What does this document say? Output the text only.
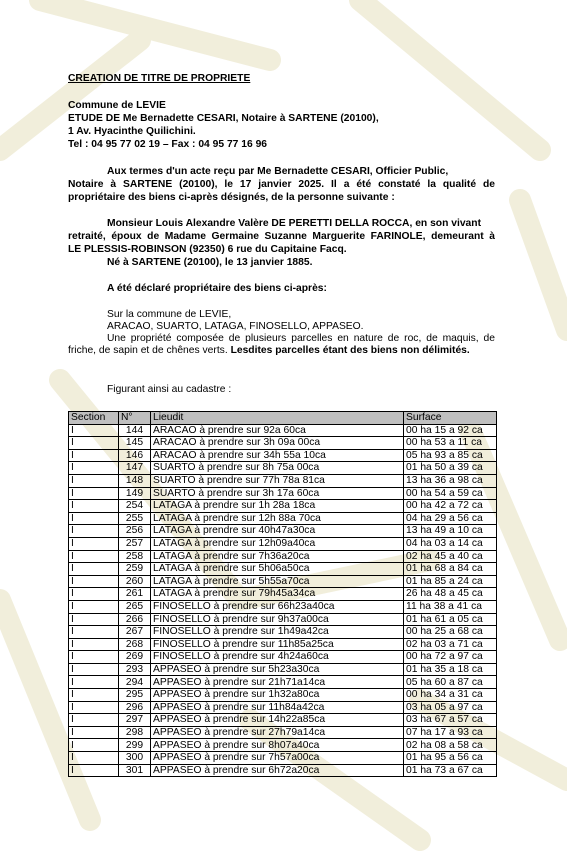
CREATION DE TITRE DE PROPRIETE
Commune de LEVIE
ETUDE DE Me Bernadette CESARI, Notaire à SARTENE (20100),
1 Av. Hyacinthe Quilichini.
Tel : 04 95 77 02 19 – Fax : 04 95 77 16 96
Aux termes d'un acte reçu par Me Bernadette CESARI, Officier Public,
Notaire à SARTENE (20100), le 17 janvier 2025. Il a été constaté la qualité de
propriétaire des biens ci-après désignés, de la personne suivante :
Monsieur Louis Alexandre Valère DE PERETTI DELLA ROCCA, en son vivant
retraité, époux de Madame Germaine Suzanne Marguerite FARINOLE, demeurant à
LE PLESSIS-ROBINSON (92350) 6 rue du Capitaine Facq.
Né à SARTENE (20100), le 13 janvier 1885.
A été déclaré propriétaire des biens ci-après:
Sur la commune de LEVIE,
ARACAO, SUARTO, LATAGA, FINOSELLO, APPASEO.
Une propriété composée de plusieurs parcelles en nature de roc, de maquis, de
friche, de sapin et de chênes verts. Lesdites parcelles étant des biens non délimités.
Figurant ainsi au cadastre :
Section	N°	Lieudit	Surface
I	144	ARACAO à prendre sur 92a 60ca	00 ha 15 a 92 ca
I	145	ARACAO à prendre sur 3h 09a 00ca	00 ha 53 a 11 ca
I	146	ARACAO à prendre sur 34h 55a 10ca	05 ha 93 a 85 ca
I	147	SUARTO à prendre sur 8h 75a 00ca	01 ha 50 a 39 ca
I	148	SUARTO à prendre sur 77h 78a 81ca	13 ha 36 a 98 ca
I	149	SUARTO à prendre sur 3h 17a 60ca	00 ha 54 a 59 ca
I	254	LATAGA à prendre sur 1h 28a 18ca	00 ha 42 a 72 ca
I	255	LATAGA à prendre sur 12h 88a 70ca	04 ha 29 a 56 ca
I	256	LATAGA à prendre sur 40h47a30ca	13 ha 49 a 10 ca
I	257	LATAGA à prendre sur 12h09a40ca	04 ha 03 a 14 ca
I	258	LATAGA à prendre sur 7h36a20ca	02 ha 45 a 40 ca
I	259	LATAGA à prendre sur 5h06a50ca	01 ha 68 a 84 ca
I	260	LATAGA à prendre sur 5h55a70ca	01 ha 85 a 24 ca
I	261	LATAGA à prendre sur 79h45a34ca	26 ha 48 a 45 ca
I	265	FINOSELLO à prendre sur 66h23a40ca	11 ha 38 a 41 ca
I	266	FINOSELLO à prendre sur 9h37a00ca	01 ha 61 a 05 ca
I	267	FINOSELLO à prendre sur 1h49a42ca	00 ha 25 a 68 ca
I	268	FINOSELLO à prendre sur 11h85a25ca	02 ha 03 a 71 ca
I	269	FINOSELLO à prendre sur 4h24a60ca	00 ha 72 a 97 ca
I	293	APPASEO à prendre sur 5h23a30ca	01 ha 35 a 18 ca
I	294	APPASEO à prendre sur 21h71a14ca	05 ha 60 a 87 ca
I	295	APPASEO à prendre sur 1h32a80ca	00 ha 34 a 31 ca
I	296	APPASEO à prendre sur 11h84a42ca	03 ha 05 a 97 ca
I	297	APPASEO à prendre sur 14h22a85ca	03 ha 67 a 57 ca
I	298	APPASEO à prendre sur 27h79a14ca	07 ha 17 a 93 ca
I	299	APPASEO à prendre sur 8h07a40ca	02 ha 08 a 58 ca
I	300	APPASEO à prendre sur 7h57a00ca	01 ha 95 a 56 ca
I	301	APPASEO à prendre sur 6h72a20ca	01 ha 73 a 67 ca
